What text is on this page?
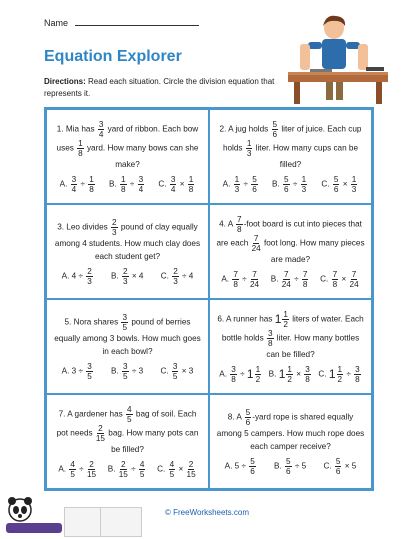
Name
Equation Explorer
Directions: Read each situation. Circle the division equation that represents it.
1. Mia has $\frac{3}{4}$ yard of ribbon. Each bow uses $\frac{1}{8}$ yard. How many bows can she make?
A. $\frac{3}{4} \div \frac{1}{8} B$. $\frac{1}{8} \div \frac{3}{4} C$. $\frac{3}{4} \times \frac{1}{8}$
2. A jug holds $\frac{5}{6}$ liter of juice. Each cup holds $\frac{1}{3}$ liter. How many cups can be filled?
A. $\frac{1}{3} \div \frac{5}{6} B$. $\frac{5}{6} \div \frac{1}{3} C$. $\frac{5}{6} \times \frac{1}{3}$
3. Leo divides $\frac{2}{3}$ pound of clay equally among 4 students. How much clay does each student get?
A. $4 \div \frac{2}{3} B$. $\frac{2}{3} \times 4$ C. $\frac{2}{3} \div 4$
4. A $\frac{7}{8}$ -foot board is cut into pieces that are each $\frac{7}{24}$ foot long. How many pieces are made?
A. $\frac{7}{8} \div \frac{7}{24} B$. $\frac{7}{24} \div \frac{7}{8} C$. $\frac{7}{8} \times \frac{7}{24}$
5. Nora shares $\frac{3}{5}$ pound of berries equally among 3 bowls. How much goes in each bowl?
A. $3 \div \frac{3}{5} B$. $\frac{3}{5} \div 3$ C. $\frac{3}{5} \times 3$
6. A runner has $1 \frac{1}{2}$ liters of water. Each bottle holds $\frac{3}{8}$ liter. How many bottles can be filled?
A. $\frac{3}{8} \div 1 \frac{1}{2} B$. $1 \frac{1}{2} \times \frac{3}{8} C$. $1 \frac{1}{2} \div \frac{3}{8}$
7. A gardener has $\frac{4}{5}$ bag of soil. Each pot needs $\frac{2}{15}$ bag. How many pots can be filled?
A. $\frac{4}{5} \div \frac{2}{15} B$. $\frac{2}{15} \div \frac{4}{5} C$. $\frac{4}{5} \times \frac{2}{15}$
8. A $\frac{5}{6}$ -yard rope is shared equally among 5 campers. How much rope does each camper receive?
A. $5 \div \frac{5}{6} B$. $\frac{5}{6} \div 5$ C. $\frac{5}{6} \times 5$
© FreeWorksheets.com
